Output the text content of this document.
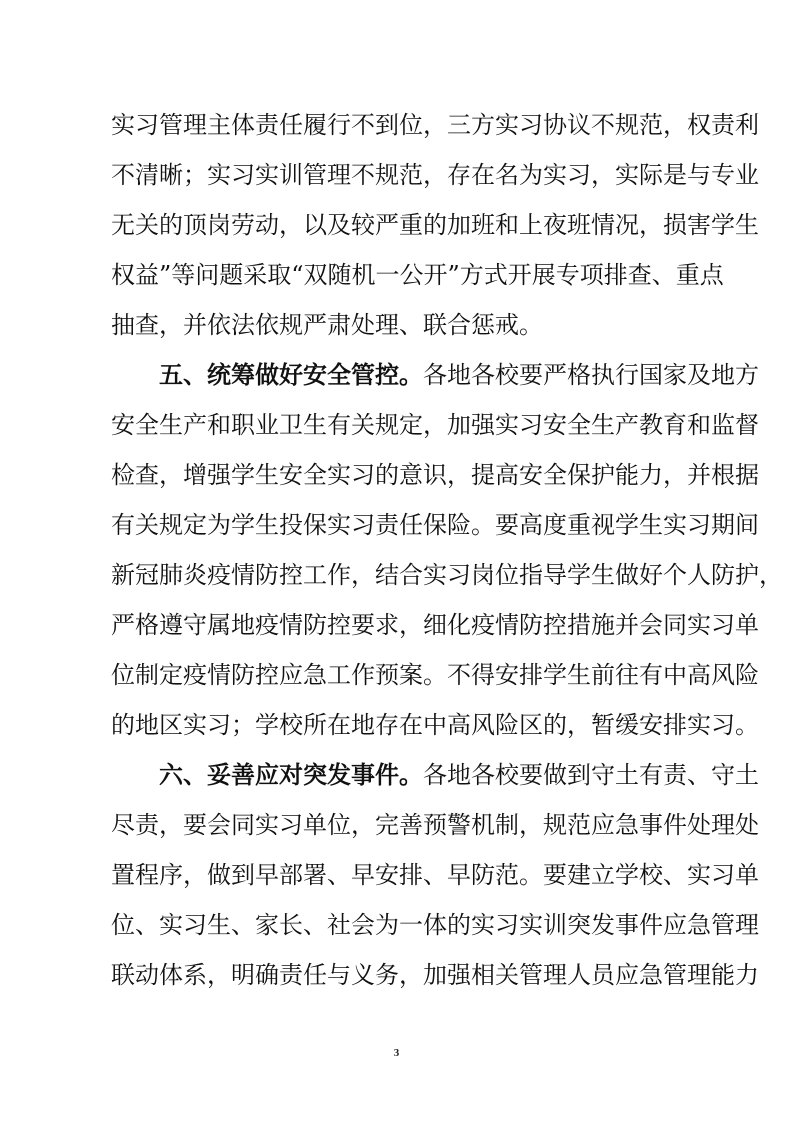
实习管理主体责任履行不到位，三方实习协议不规范，权责利
不清晰；实习实训管理不规范，存在名为实习，实际是与专业
无关的顶岗劳动，以及较严重的加班和上夜班情况，损害学生
权益”等问题采取“双随机一公开”方式开展专项排查、重点
抽查，并依法依规严肃处理、联合惩戒。
五、统筹做好安全管控。各地各校要严格执行国家及地方
安全生产和职业卫生有关规定，加强实习安全生产教育和监督
检查，增强学生安全实习的意识，提高安全保护能力，并根据
有关规定为学生投保实习责任保险。要高度重视学生实习期间
新冠肺炎疫情防控工作，结合实习岗位指导学生做好个人防护，
严格遵守属地疫情防控要求，细化疫情防控措施并会同实习单
位制定疫情防控应急工作预案。不得安排学生前往有中高风险
的地区实习；学校所在地存在中高风险区的，暂缓安排实习。
六、妥善应对突发事件。各地各校要做到守土有责、守土
尽责，要会同实习单位，完善预警机制，规范应急事件处理处
置程序，做到早部署、早安排、早防范。要建立学校、实习单
位、实习生、家长、社会为一体的实习实训突发事件应急管理
联动体系，明确责任与义务，加强相关管理人员应急管理能力
3
